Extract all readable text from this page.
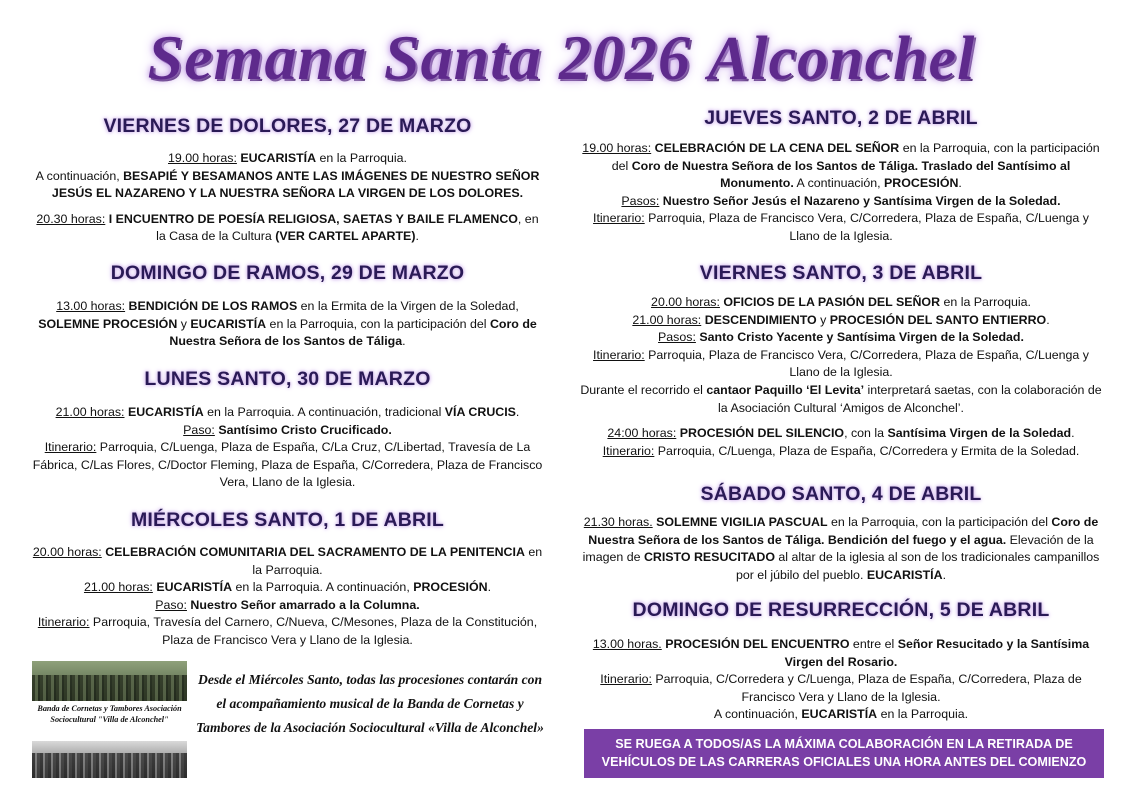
Semana Santa 2026 Alconchel
VIERNES DE DOLORES, 27 DE MARZO
19.00 horas: EUCARISTÍA en la Parroquia.
A continuación, BESAPIÉ Y BESAMANOS ANTE LAS IMÁGENES DE NUESTRO SEÑOR JESÚS EL NAZARENO Y LA NUESTRA SEÑORA LA VIRGEN DE LOS DOLORES.
20.30 horas: I ENCUENTRO DE POESÍA RELIGIOSA, SAETAS Y BAILE FLAMENCO, en la Casa de la Cultura (VER CARTEL APARTE).
DOMINGO DE RAMOS, 29 DE MARZO
13.00 horas: BENDICIÓN DE LOS RAMOS en la Ermita de la Virgen de la Soledad, SOLEMNE PROCESIÓN y EUCARISTÍA en la Parroquia, con la participación del Coro de Nuestra Señora de los Santos de Táliga.
LUNES SANTO, 30 DE MARZO
21.00 horas: EUCARISTÍA en la Parroquia. A continuación, tradicional VÍA CRUCIS.
Paso: Santísimo Cristo Crucificado.
Itinerario: Parroquia, C/Luenga, Plaza de España, C/La Cruz, C/Libertad, Travesía de La Fábrica, C/Las Flores, C/Doctor Fleming, Plaza de España, C/Corredera, Plaza de Francisco Vera, Llano de la Iglesia.
MIÉRCOLES SANTO, 1 DE ABRIL
20.00 horas: CELEBRACIÓN COMUNITARIA DEL SACRAMENTO DE LA PENITENCIA en la Parroquia.
21.00 horas: EUCARISTÍA en la Parroquia. A continuación, PROCESIÓN.
Paso: Nuestro Señor amarrado a la Columna.
Itinerario: Parroquia, Travesía del Carnero, C/Nueva, C/Mesones, Plaza de la Constitución, Plaza de Francisco Vera y Llano de la Iglesia.
Banda de Cornetas y Tambores Asociación Sociocultural "Villa de Alconchel"
Desde el Miércoles Santo, todas las procesiones contarán con el acompañamiento musical de la Banda de Cornetas y Tambores de la Asociación Sociocultural «Villa de Alconchel»
JUEVES SANTO, 2 DE ABRIL
19.00 horas: CELEBRACIÓN DE LA CENA DEL SEÑOR en la Parroquia, con la participación del Coro de Nuestra Señora de los Santos de Táliga. Traslado del Santísimo al Monumento. A continuación, PROCESIÓN.
Pasos: Nuestro Señor Jesús el Nazareno y Santísima Virgen de la Soledad.
Itinerario: Parroquia, Plaza de Francisco Vera, C/Corredera, Plaza de España, C/Luenga y Llano de la Iglesia.
VIERNES SANTO, 3 DE ABRIL
20.00 horas: OFICIOS DE LA PASIÓN DEL SEÑOR en la Parroquia.
21.00 horas: DESCENDIMIENTO y PROCESIÓN DEL SANTO ENTIERRO.
Pasos: Santo Cristo Yacente y Santísima Virgen de la Soledad.
Itinerario: Parroquia, Plaza de Francisco Vera, C/Corredera, Plaza de España, C/Luenga y Llano de la Iglesia.
Durante el recorrido el cantaor Paquillo ‘El Levita’ interpretará saetas, con la colaboración de la Asociación Cultural ‘Amigos de Alconchel’.
24:00 horas: PROCESIÓN DEL SILENCIO, con la Santísima Virgen de la Soledad.
Itinerario: Parroquia, C/Luenga, Plaza de España, C/Corredera y Ermita de la Soledad.
SÁBADO SANTO, 4 DE ABRIL
21.30 horas. SOLEMNE VIGILIA PASCUAL en la Parroquia, con la participación del Coro de Nuestra Señora de los Santos de Táliga. Bendición del fuego y el agua. Elevación de la imagen de CRISTO RESUCITADO al altar de la iglesia al son de los tradicionales campanillos por el júbilo del pueblo. EUCARISTÍA.
DOMINGO DE RESURRECCIÓN, 5 DE ABRIL
13.00 horas. PROCESIÓN DEL ENCUENTRO entre el Señor Resucitado y la Santísima Virgen del Rosario.
Itinerario: Parroquia, C/Corredera y C/Luenga, Plaza de España, C/Corredera, Plaza de Francisco Vera y Llano de la Iglesia.
A continuación, EUCARISTÍA en la Parroquia.
SE RUEGA A TODOS/AS LA MÁXIMA COLABORACIÓN EN LA RETIRADA DE VEHÍCULOS DE LAS CARRERAS OFICIALES UNA HORA ANTES DEL COMIENZO
